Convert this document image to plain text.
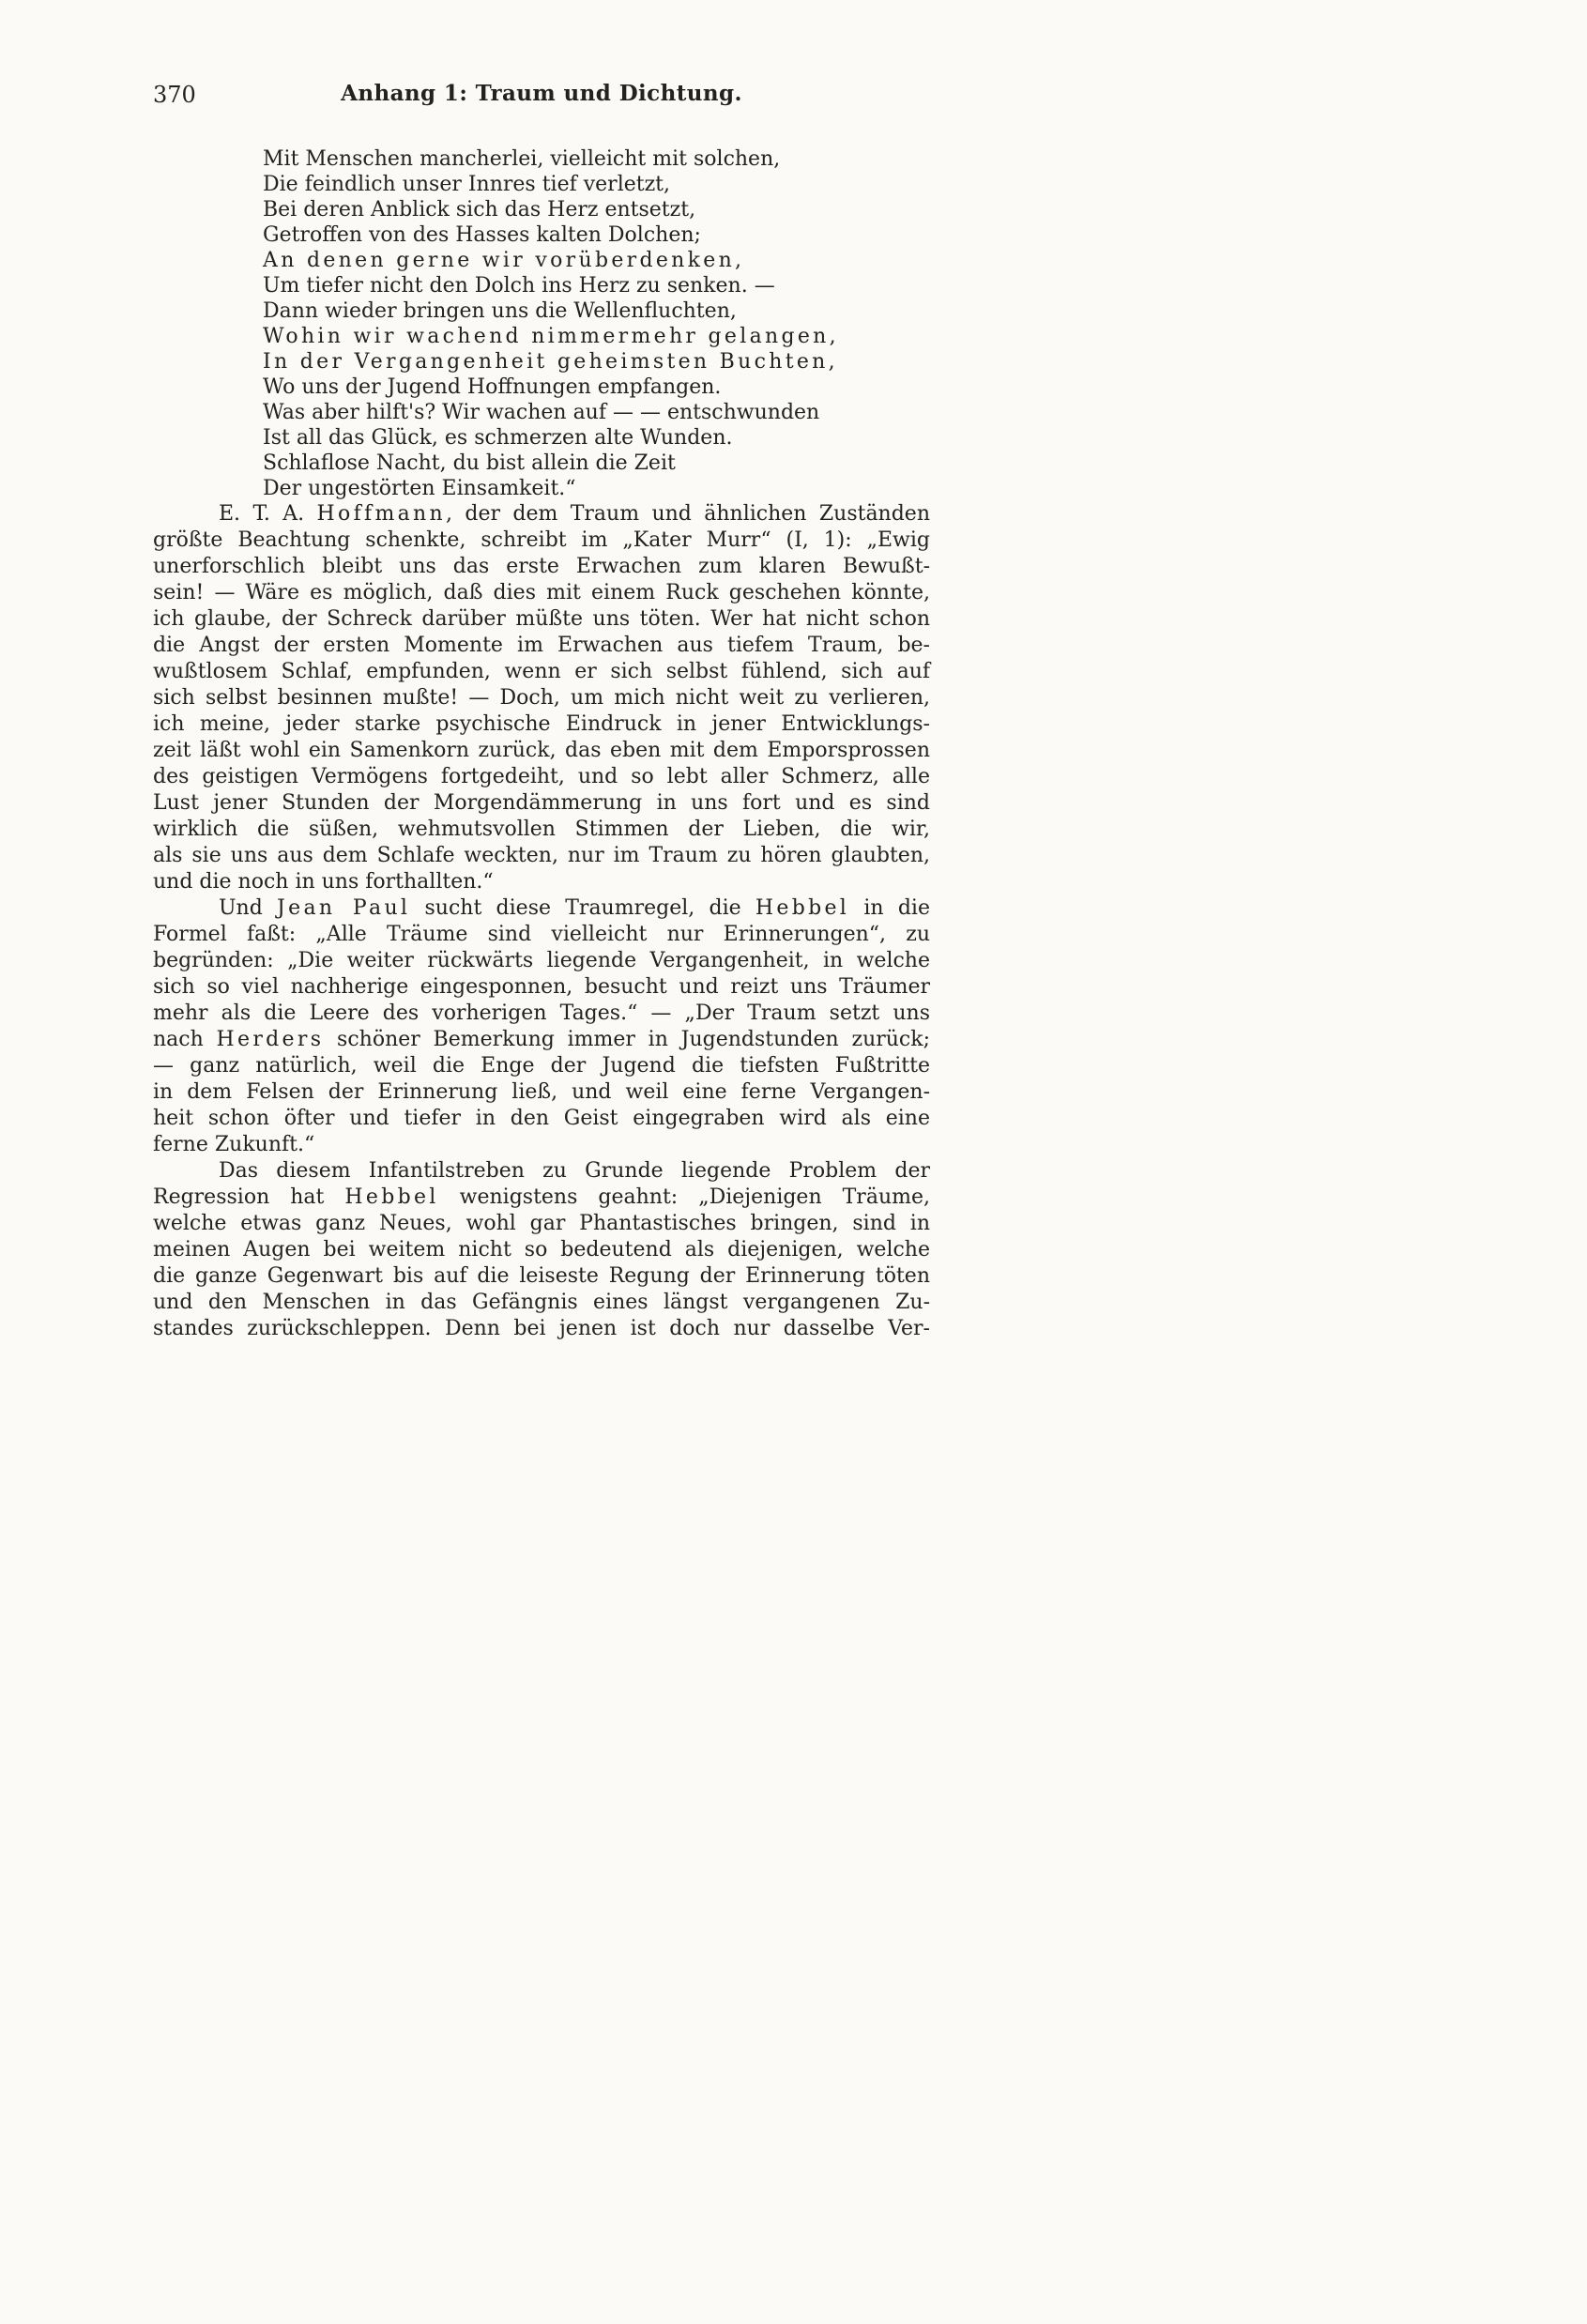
370	Anhang 1: Traum und Dichtung.
Mit Menschen mancherlei, vielleicht mit solchen,
Die feindlich unser Innres tief verletzt,
Bei deren Anblick sich das Herz entsetzt,
Getroffen von des Hasses kalten Dolchen;
An denen gerne wir vorüberdenken,
Um tiefer nicht den Dolch ins Herz zu senken. —
Dann wieder bringen uns die Wellenfluchten,
Wohin wir wachend nimmermehr gelangen,
In der Vergangenheit geheimsten Buchten,
Wo uns der Jugend Hoffnungen empfangen.
Was aber hilft's? Wir wachen auf — — entschwunden
Ist all das Glück, es schmerzen alte Wunden.
Schlaflose Nacht, du bist allein die Zeit
Der ungestörten Einsamkeit.“
E. T. A. Hoffmann, der dem Traum und ähnlichen Zuständen
größte Beachtung schenkte, schreibt im „Kater Murr“ (I, 1): „Ewig
unerforschlich bleibt uns das erste Erwachen zum klaren Bewußt-
sein! — Wäre es möglich, daß dies mit einem Ruck geschehen könnte,
ich glaube, der Schreck darüber müßte uns töten. Wer hat nicht schon
die Angst der ersten Momente im Erwachen aus tiefem Traum, be-
wußtlosem Schlaf, empfunden, wenn er sich selbst fühlend, sich auf
sich selbst besinnen mußte! — Doch, um mich nicht weit zu verlieren,
ich meine, jeder starke psychische Eindruck in jener Entwicklungs-
zeit läßt wohl ein Samenkorn zurück, das eben mit dem Emporsprossen
des geistigen Vermögens fortgedeiht, und so lebt aller Schmerz, alle
Lust jener Stunden der Morgendämmerung in uns fort und es sind
wirklich die süßen, wehmutsvollen Stimmen der Lieben, die wir,
als sie uns aus dem Schlafe weckten, nur im Traum zu hören glaubten,
und die noch in uns forthallten.“
Und Jean Paul sucht diese Traumregel, die Hebbel in die
Formel faßt: „Alle Träume sind vielleicht nur Erinnerungen“, zu
begründen: „Die weiter rückwärts liegende Vergangenheit, in welche
sich so viel nachherige eingesponnen, besucht und reizt uns Träumer
mehr als die Leere des vorherigen Tages.“ — „Der Traum setzt uns
nach Herders schöner Bemerkung immer in Jugendstunden zurück;
— ganz natürlich, weil die Enge der Jugend die tiefsten Fußtritte
in dem Felsen der Erinnerung ließ, und weil eine ferne Vergangen-
heit schon öfter und tiefer in den Geist eingegraben wird als eine
ferne Zukunft.“
Das diesem Infantilstreben zu Grunde liegende Problem der
Regression hat Hebbel wenigstens geahnt: „Diejenigen Träume,
welche etwas ganz Neues, wohl gar Phantastisches bringen, sind in
meinen Augen bei weitem nicht so bedeutend als diejenigen, welche
die ganze Gegenwart bis auf die leiseste Regung der Erinnerung töten
und den Menschen in das Gefängnis eines längst vergangenen Zu-
standes zurückschleppen. Denn bei jenen ist doch nur dasselbe Ver-
